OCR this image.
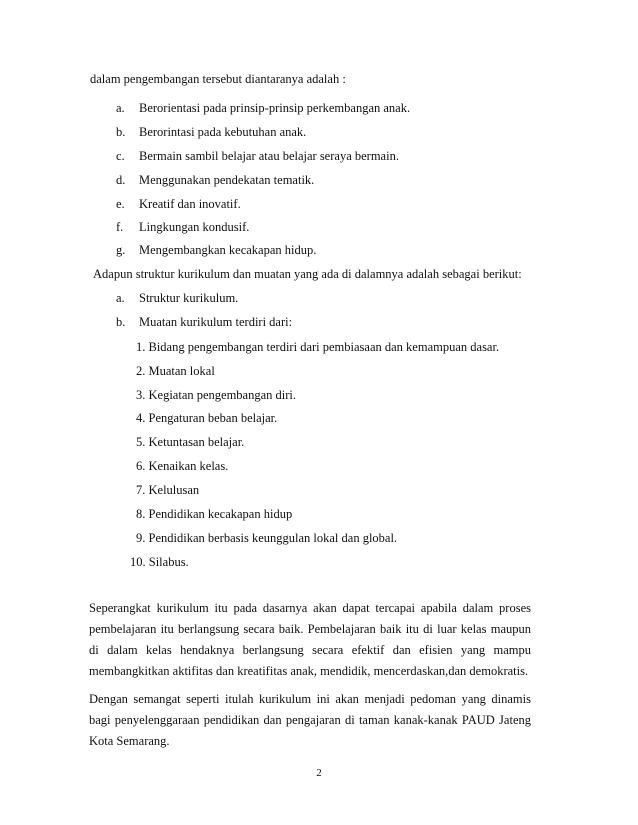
dalam pengembangan tersebut diantaranya adalah :
a. Berorientasi pada prinsip-prinsip perkembangan anak.
b. Berorintasi pada kebutuhan anak.
c. Bermain sambil belajar atau belajar seraya bermain.
d. Menggunakan pendekatan tematik.
e. Kreatif dan inovatif.
f. Lingkungan kondusif.
g. Mengembangkan kecakapan hidup.
Adapun struktur kurikulum dan muatan yang ada di dalamnya adalah sebagai berikut:
a. Struktur kurikulum.
b. Muatan kurikulum terdiri dari:
1. Bidang pengembangan terdiri dari pembiasaan dan kemampuan dasar.
2. Muatan lokal
3. Kegiatan pengembangan diri.
4. Pengaturan beban belajar.
5. Ketuntasan belajar.
6. Kenaikan kelas.
7. Kelulusan
8. Pendidikan kecakapan hidup
9. Pendidikan berbasis keunggulan lokal dan global.
10. Silabus.
Seperangkat kurikulum itu pada dasarnya akan dapat tercapai apabila dalam proses pembelajaran itu berlangsung secara baik. Pembelajaran baik itu di luar kelas maupun di dalam kelas hendaknya berlangsung secara efektif dan efisien yang mampu membangkitkan aktifitas dan kreatifitas anak, mendidik, mencerdaskan,dan demokratis.
Dengan semangat seperti itulah kurikulum ini akan menjadi pedoman yang dinamis bagi penyelenggaraan pendidikan dan pengajaran di taman kanak-kanak PAUD Jateng Kota Semarang.
2
